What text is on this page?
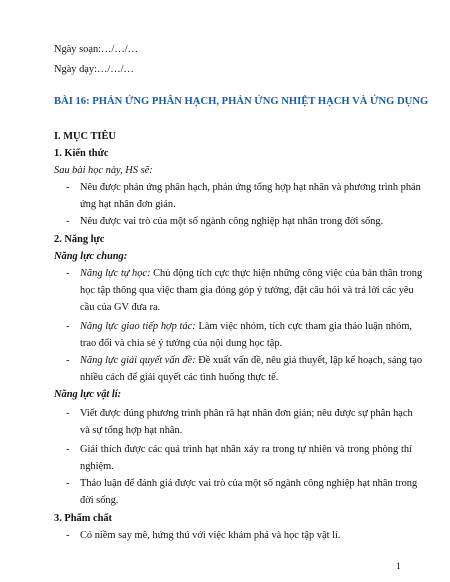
Ngày soạn:…/…/…
Ngày dạy:…/…/…
BÀI 16: PHẢN ỨNG PHÂN HẠCH, PHẢN ỨNG NHIỆT HẠCH VÀ ỨNG DỤNG
I. MỤC TIÊU
1. Kiến thức
Sau bài học này, HS sẽ:
-	Nêu được phản ứng phân hạch, phản ứng tổng hợp hạt nhân và phương trình phản
ứng hạt nhân đơn giản.
-	Nêu được vai trò của một số ngành công nghiệp hạt nhân trong đời sống.
2. Năng lực
Năng lực chung:
-	Năng lực tự học: Chủ động tích cực thực hiện những công việc của bản thân trong
học tập thông qua việc tham gia đóng góp ý tưởng, đặt câu hỏi và trả lời các yêu
cầu của GV đưa ra.
-	Năng lực giao tiếp hợp tác: Làm việc nhóm, tích cực tham gia thảo luận nhóm,
trao đổi và chia sẻ ý tưởng của nội dung học tập.
-	Năng lực giải quyết vấn đề: Đề xuất vấn đề, nêu giả thuyết, lập kế hoạch, sáng tạo
nhiều cách để giải quyết các tình huống thực tế.
Năng lực vật lí:
-	Viết được đúng phương trình phân rã hạt nhân đơn giản; nêu được sự phân hạch
và sự tổng hợp hạt nhân.
-	Giải thích được các quá trình hạt nhân xảy ra trong tự nhiên và trong phòng thí
nghiệm.
-	Thảo luận để đánh giá được vai trò của một số ngành công nghiệp hạt nhân trong
đời sống.
3. Phẩm chất
-	Có niềm say mê, hứng thú với việc khám phá và học tập vật lí.
1
